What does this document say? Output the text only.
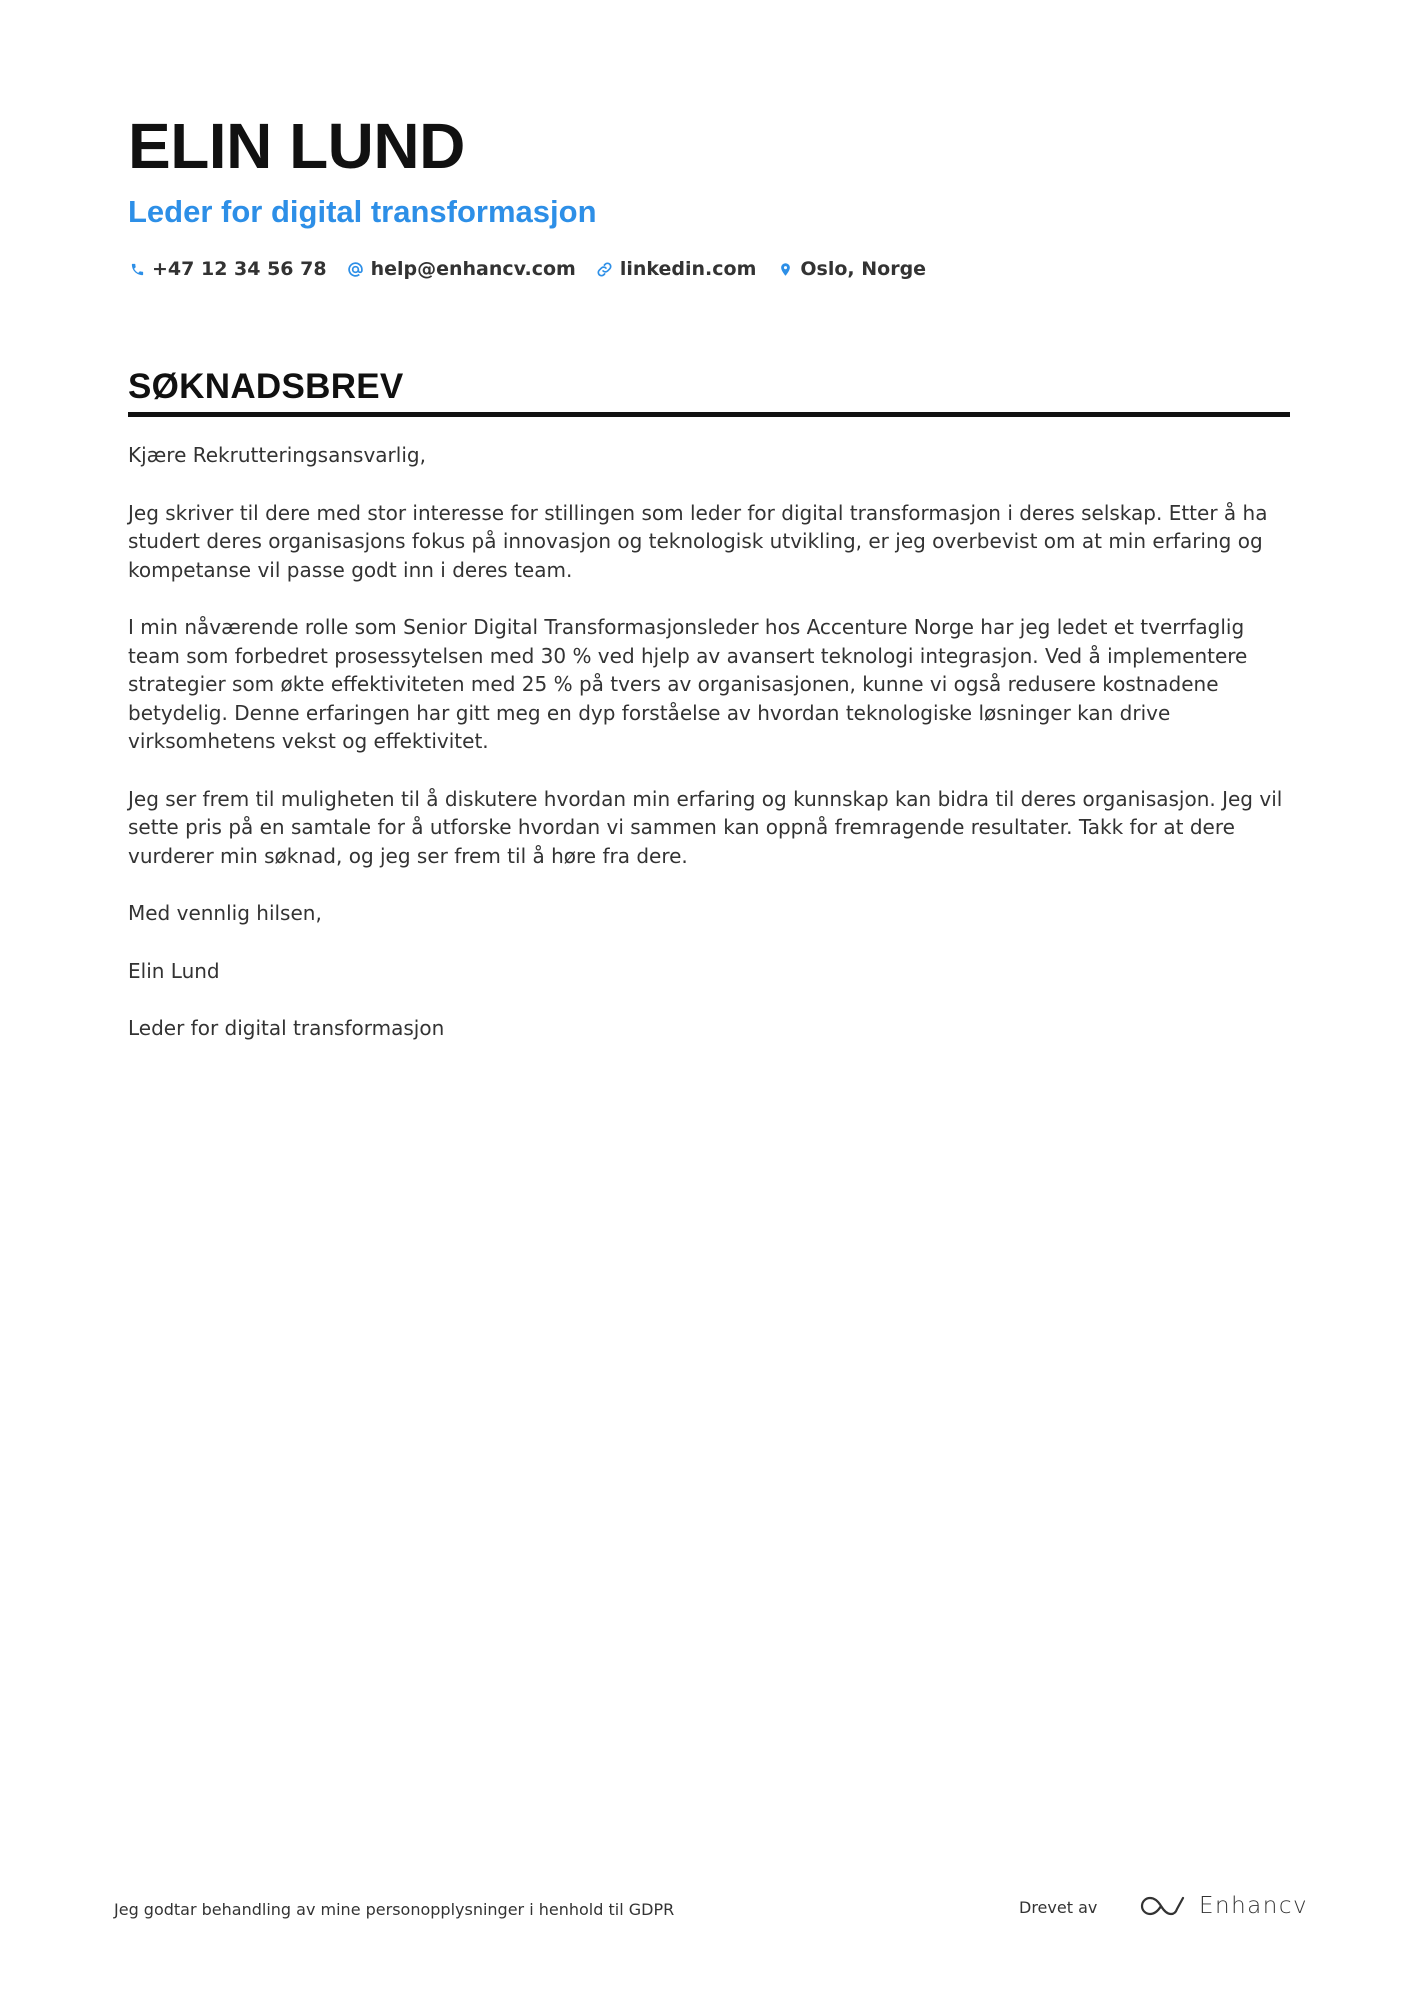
ELIN LUND
Leder for digital transformasjon
+47 12 34 56 78 help@enhancv.com linkedin.com Oslo, Norge
SØKNADSBREV

Kjære Rekrutteringsansvarlig,

Jeg skriver til dere med stor interesse for stillingen som leder for digital transformasjon i deres selskap. Etter å ha studert deres organisasjons fokus på innovasjon og teknologisk utvikling, er jeg overbevist om at min erfaring og kompetanse vil passe godt inn i deres team.

I min nåværende rolle som Senior Digital Transformasjonsleder hos Accenture Norge har jeg ledet et tverrfaglig team som forbedret prosessytelsen med 30 % ved hjelp av avansert teknologi integrasjon. Ved å implementere strategier som økte effektiviteten med 25 % på tvers av organisasjonen, kunne vi også redusere kostnadene betydelig. Denne erfaringen har gitt meg en dyp forståelse av hvordan teknologiske løsninger kan drive virksomhetens vekst og effektivitet.

Jeg ser frem til muligheten til å diskutere hvordan min erfaring og kunnskap kan bidra til deres organisasjon. Jeg vil sette pris på en samtale for å utforske hvordan vi sammen kan oppnå fremragende resultater. Takk for at dere vurderer min søknad, og jeg ser frem til å høre fra dere.

Med vennlig hilsen,

Elin Lund

Leder for digital transformasjon

Jeg godtar behandling av mine personopplysninger i henhold til GDPR	Drevet av	Enhancv
